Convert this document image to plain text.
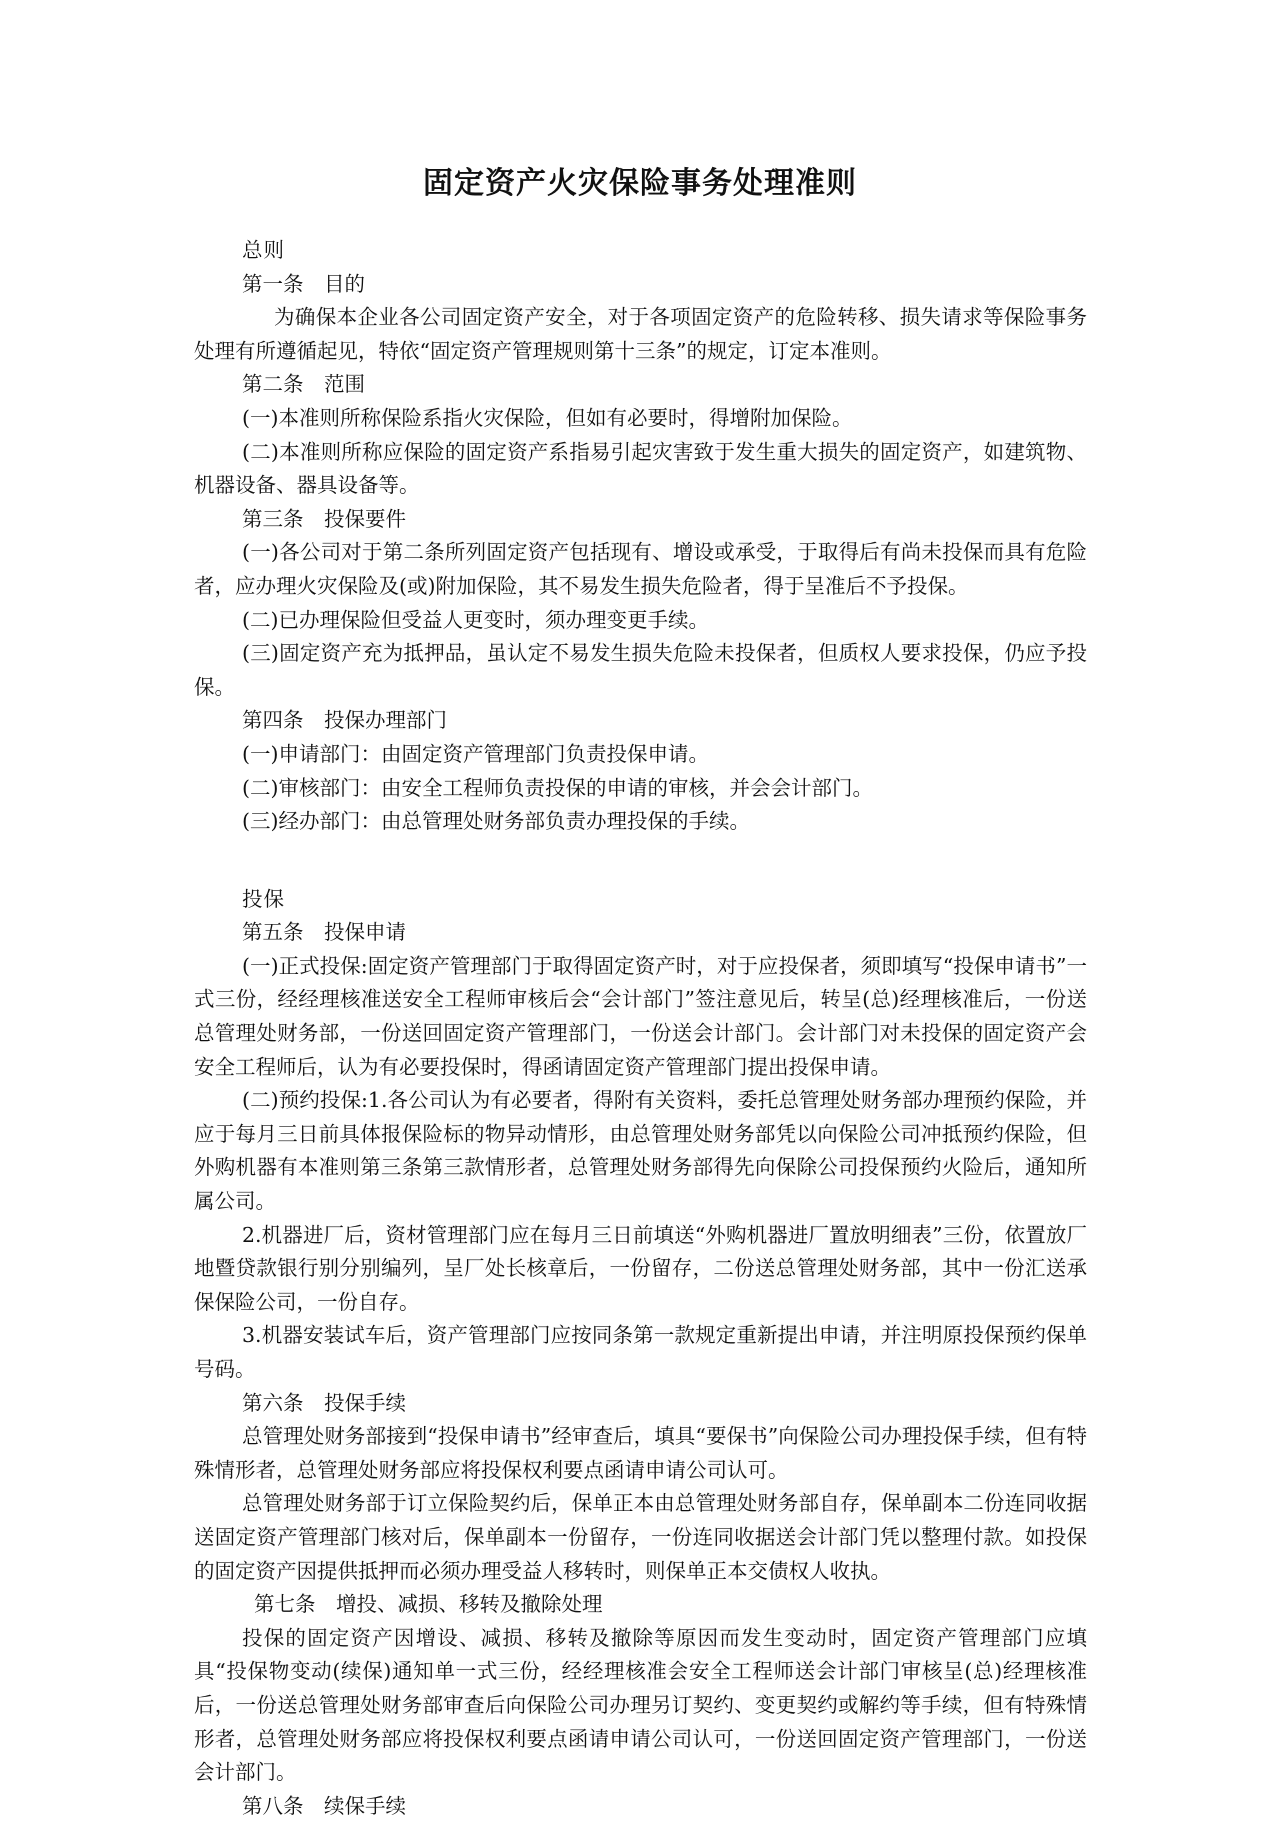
固定资产火灾保险事务处理准则

总则

第一条　目的

为确保本企业各公司固定资产安全，对于各项固定资产的危险转移、损失请求等保险事务处理有所遵循起见，特依“固定资产管理规则第十三条”的规定，订定本准则。

第二条　范围

(一)本准则所称保险系指火灾保险，但如有必要时，得增附加保险。

(二)本准则所称应保险的固定资产系指易引起灾害致于发生重大损失的固定资产，如建筑物、机器设备、器具设备等。

第三条　投保要件

(一)各公司对于第二条所列固定资产包括现有、增设或承受，于取得后有尚未投保而具有危险者，应办理火灾保险及(或)附加保险，其不易发生损失危险者，得于呈准后不予投保。

(二)已办理保险但受益人更变时，须办理变更手续。

(三)固定资产充为抵押品，虽认定不易发生损失危险未投保者，但质权人要求投保，仍应予投保。

第四条　投保办理部门

(一)申请部门：由固定资产管理部门负责投保申请。

(二)审核部门：由安全工程师负责投保的申请的审核，并会会计部门。

(三)经办部门：由总管理处财务部负责办理投保的手续。

投保

第五条　投保申请

(一)正式投保:固定资产管理部门于取得固定资产时，对于应投保者，须即填写“投保申请书”一式三份，经经理核准送安全工程师审核后会“会计部门”签注意见后，转呈(总)经理核准后，一份送总管理处财务部，一份送回固定资产管理部门，一份送会计部门。会计部门对未投保的固定资产会安全工程师后，认为有必要投保时，得函请固定资产管理部门提出投保申请。

(二)预约投保:1.各公司认为有必要者，得附有关资料，委托总管理处财务部办理预约保险，并应于每月三日前具体报保险标的物异动情形，由总管理处财务部凭以向保险公司冲抵预约保险，但外购机器有本准则第三条第三款情形者，总管理处财务部得先向保除公司投保预约火险后，通知所属公司。

2.机器进厂后，资材管理部门应在每月三日前填送“外购机器进厂置放明细表”三份，依置放厂地暨贷款银行别分别编列，呈厂处长核章后，一份留存，二份送总管理处财务部，其中一份汇送承保保险公司，一份自存。

3.机器安装试车后，资产管理部门应按同条第一款规定重新提出申请，并注明原投保预约保单号码。

第六条　投保手续

总管理处财务部接到“投保申请书”经审查后，填具“要保书”向保险公司办理投保手续，但有特殊情形者，总管理处财务部应将投保权利要点函请申请公司认可。

总管理处财务部于订立保险契约后，保单正本由总管理处财务部自存，保单副本二份连同收据送固定资产管理部门核对后，保单副本一份留存，一份连同收据送会计部门凭以整理付款。如投保的固定资产因提供抵押而必须办理受益人移转时，则保单正本交债权人收执。

第七条　增投、减损、移转及撤除处理

投保的固定资产因增设、减损、移转及撤除等原因而发生变动时，固定资产管理部门应填具“投保物变动(续保)通知单一式三份，经经理核准会安全工程师送会计部门审核呈(总)经理核准后，一份送总管理处财务部审查后向保险公司办理另订契约、变更契约或解约等手续，但有特殊情形者，总管理处财务部应将投保权利要点函请申请公司认可，一份送回固定资产管理部门，一份送会计部门。

第八条　续保手续
